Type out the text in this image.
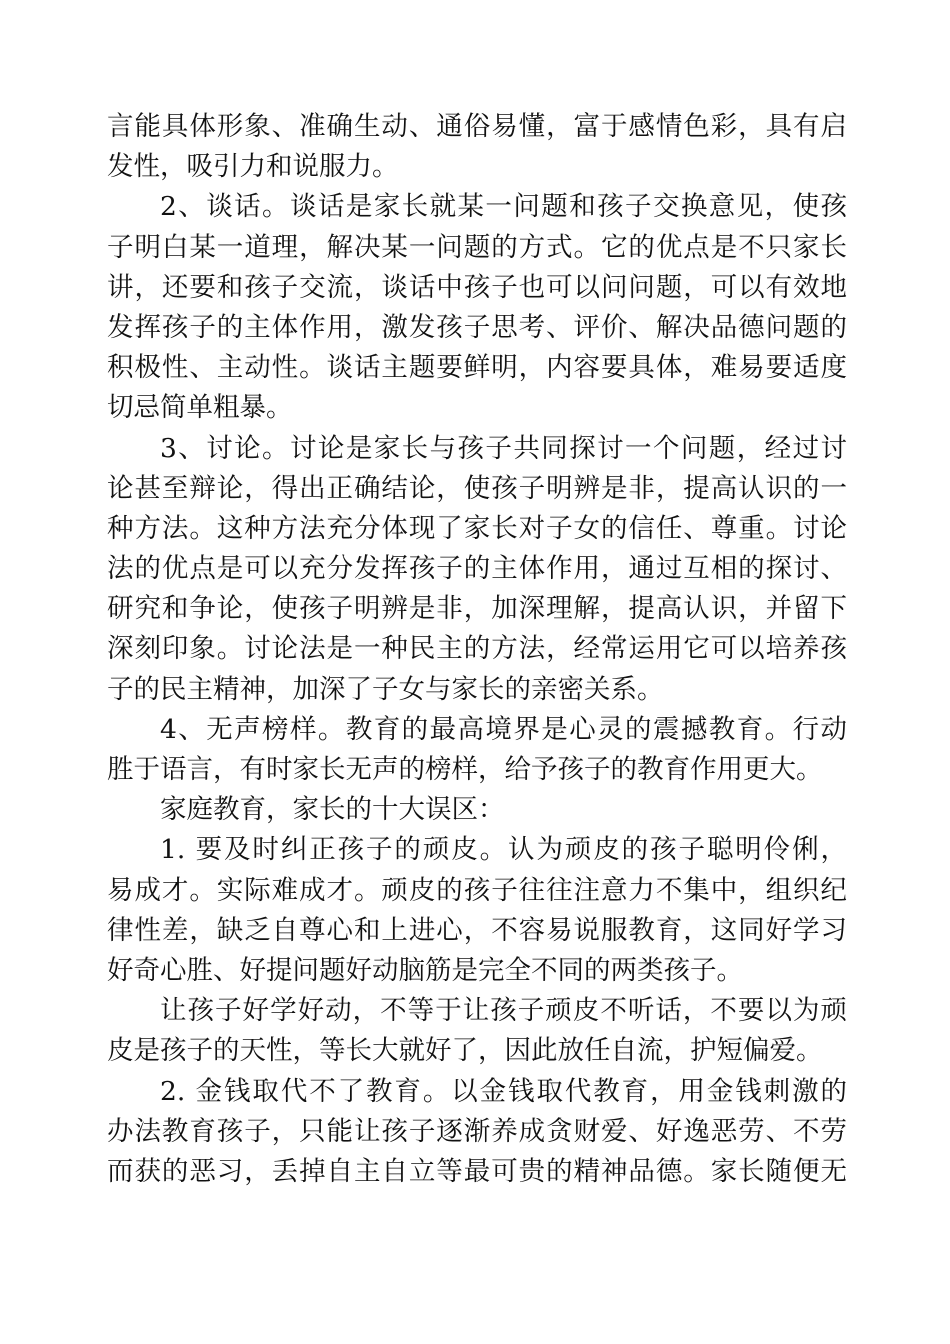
言能具体形象、准确生动、通俗易懂，富于感情色彩，具有启
发性，吸引力和说服力。
2、谈话。谈话是家长就某一问题和孩子交换意见，使孩
子明白某一道理，解决某一问题的方式。它的优点是不只家长
讲，还要和孩子交流，谈话中孩子也可以问问题，可以有效地
发挥孩子的主体作用，激发孩子思考、评价、解决品德问题的
积极性、主动性。谈话主题要鲜明，内容要具体，难易要适度
切忌简单粗暴。
3、讨论。讨论是家长与孩子共同探讨一个问题，经过讨
论甚至辩论，得出正确结论，使孩子明辨是非，提高认识的一
种方法。这种方法充分体现了家长对子女的信任、尊重。讨论
法的优点是可以充分发挥孩子的主体作用，通过互相的探讨、
研究和争论，使孩子明辨是非，加深理解，提高认识，并留下
深刻印象。讨论法是一种民主的方法，经常运用它可以培养孩
子的民主精神，加深了子女与家长的亲密关系。
4、无声榜样。教育的最高境界是心灵的震撼教育。行动
胜于语言，有时家长无声的榜样，给予孩子的教育作用更大。
家庭教育，家长的十大误区：
1. 要及时纠正孩子的顽皮。认为顽皮的孩子聪明伶俐，
易成才。实际难成才。顽皮的孩子往往注意力不集中，组织纪
律性差，缺乏自尊心和上进心，不容易说服教育，这同好学习
好奇心胜、好提问题好动脑筋是完全不同的两类孩子。
让孩子好学好动，不等于让孩子顽皮不听话，不要以为顽
皮是孩子的天性，等长大就好了，因此放任自流，护短偏爱。
2. 金钱取代不了教育。以金钱取代教育，用金钱刺激的
办法教育孩子，只能让孩子逐渐养成贪财爱、好逸恶劳、不劳
而获的恶习，丢掉自主自立等最可贵的精神品德。家长随便无
